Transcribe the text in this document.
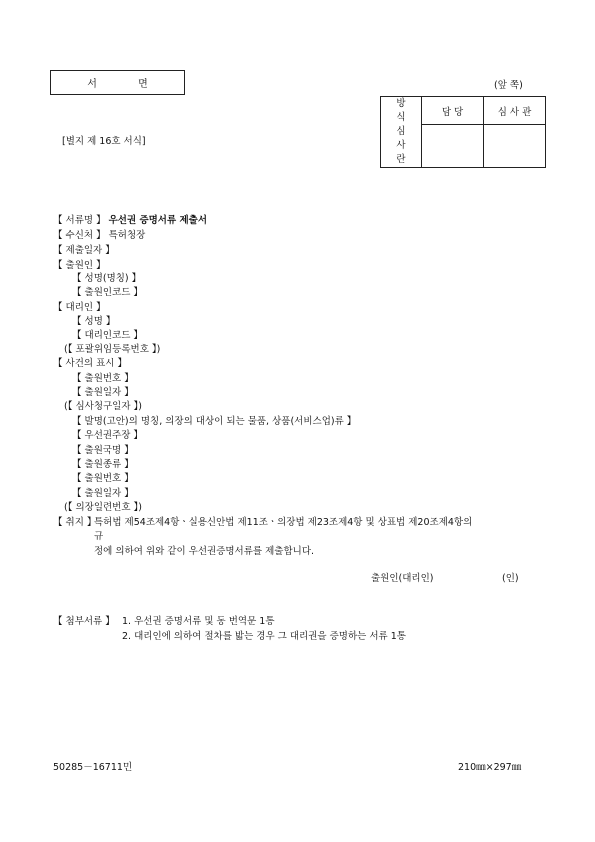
서 면	(앞 쪽)
[별지 제 16호 서식]
방
식
심
사
란	담 당	심 사 관

【 서류명 】 우선권 증명서류 제출서
【 수신처 】 특허청장
【 제출일자 】
【 출원인 】
【 성명(명칭) 】
【 출원인코드 】
【 대리인 】
【 성명 】
【 대리인코드 】
(【 포괄위임등록번호 】)
【 사건의 표시 】
【 출원번호 】
【 출원일자 】
(【 심사청구일자 】)
【 발명(고안)의 명칭, 의장의 대상이 되는 물품, 상품(서비스업)류 】
【 우선권주장 】
【 출원국명 】
【 출원종류 】
【 출원번호 】
【 출원일자 】
(【 의장일련번호 】)
【 취지 】
특허법 제54조제4항ㆍ실용신안법 제11조ㆍ의장법 제23조제4항 및 상표법 제20조제4항의
규
정에 의하여 위와 같이 우선권증명서류를 제출합니다.
출원인(대리인)	(인)
【 첨부서류 】 1. 우선권 증명서류 및 동 번역문 1통
2. 대리인에 의하여 절차를 밟는 경우 그 대리권을 증명하는 서류 1통
50285－16711민	210㎜×297㎜
